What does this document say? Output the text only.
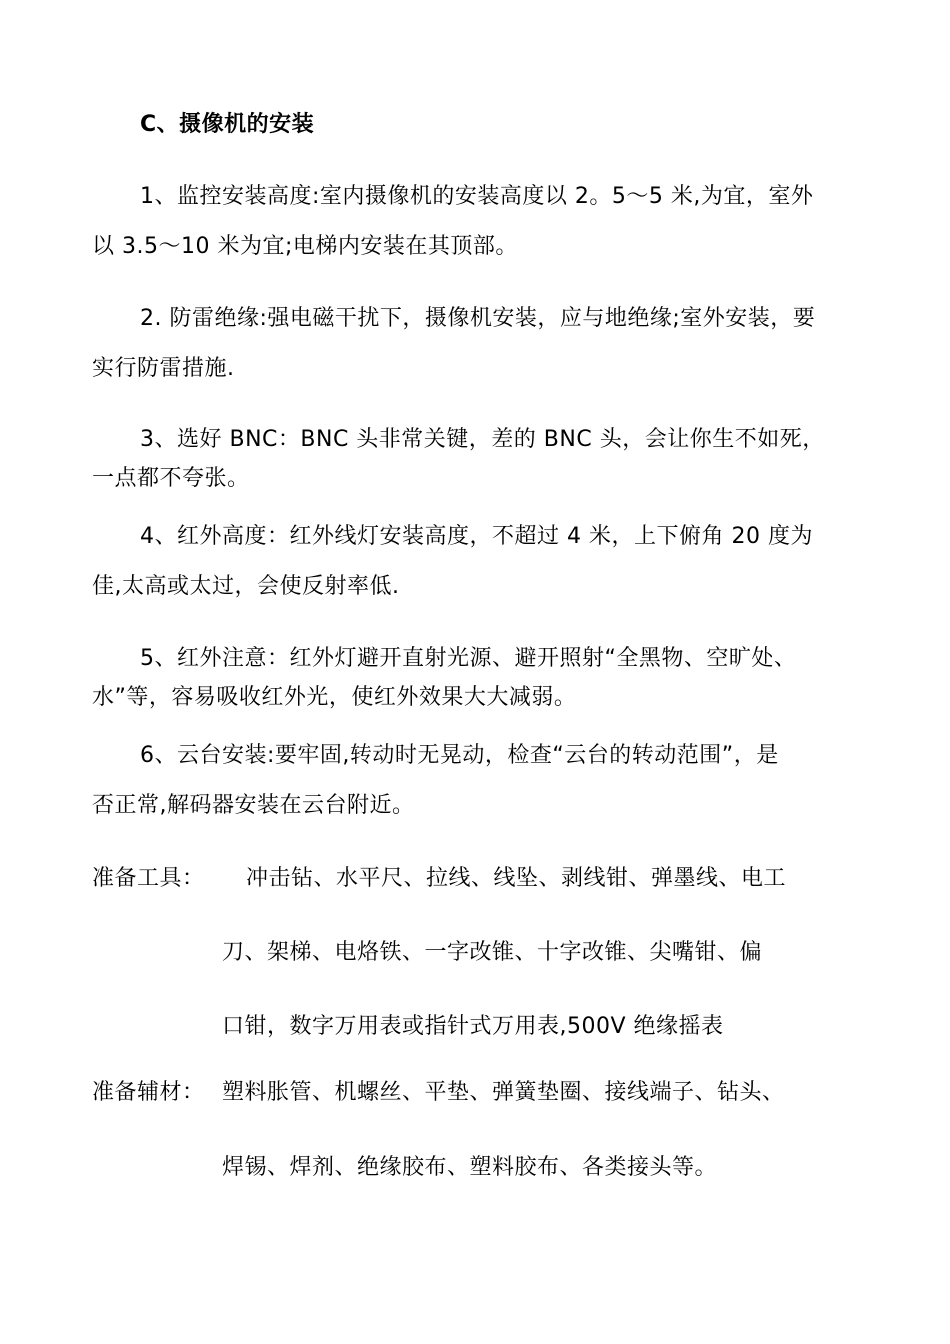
C、摄像机的安装
1、监控安装高度:室内摄像机的安装高度以 2。5～5 米,为宜，室外
以 3.5～10 米为宜;电梯内安装在其顶部。
2. 防雷绝缘:强电磁干扰下，摄像机安装，应与地绝缘;室外安装，要
实行防雷措施.
3、选好 BNC：BNC 头非常关键，差的 BNC 头，会让你生不如死，
一点都不夸张。
4、红外高度：红外线灯安装高度，不超过 4 米，上下俯角 20 度为
佳,太高或太过，会使反射率低.
5、红外注意：红外灯避开直射光源、避开照射“全黑物、空旷处、
水”等，容易吸收红外光，使红外效果大大减弱。
6、云台安装:要牢固,转动时无晃动，检查“云台的转动范围”，是
否正常,解码器安装在云台附近。
准备工具： 冲击钻、水平尺、拉线、线坠、剥线钳、弹墨线、电工
刀、架梯、电烙铁、一字改锥、十字改锥、尖嘴钳、偏
口钳，数字万用表或指针式万用表,500V 绝缘摇表
准备辅材： 塑料胀管、机螺丝、平垫、弹簧垫圈、接线端子、钻头、
焊锡、焊剂、绝缘胶布、塑料胶布、各类接头等。
